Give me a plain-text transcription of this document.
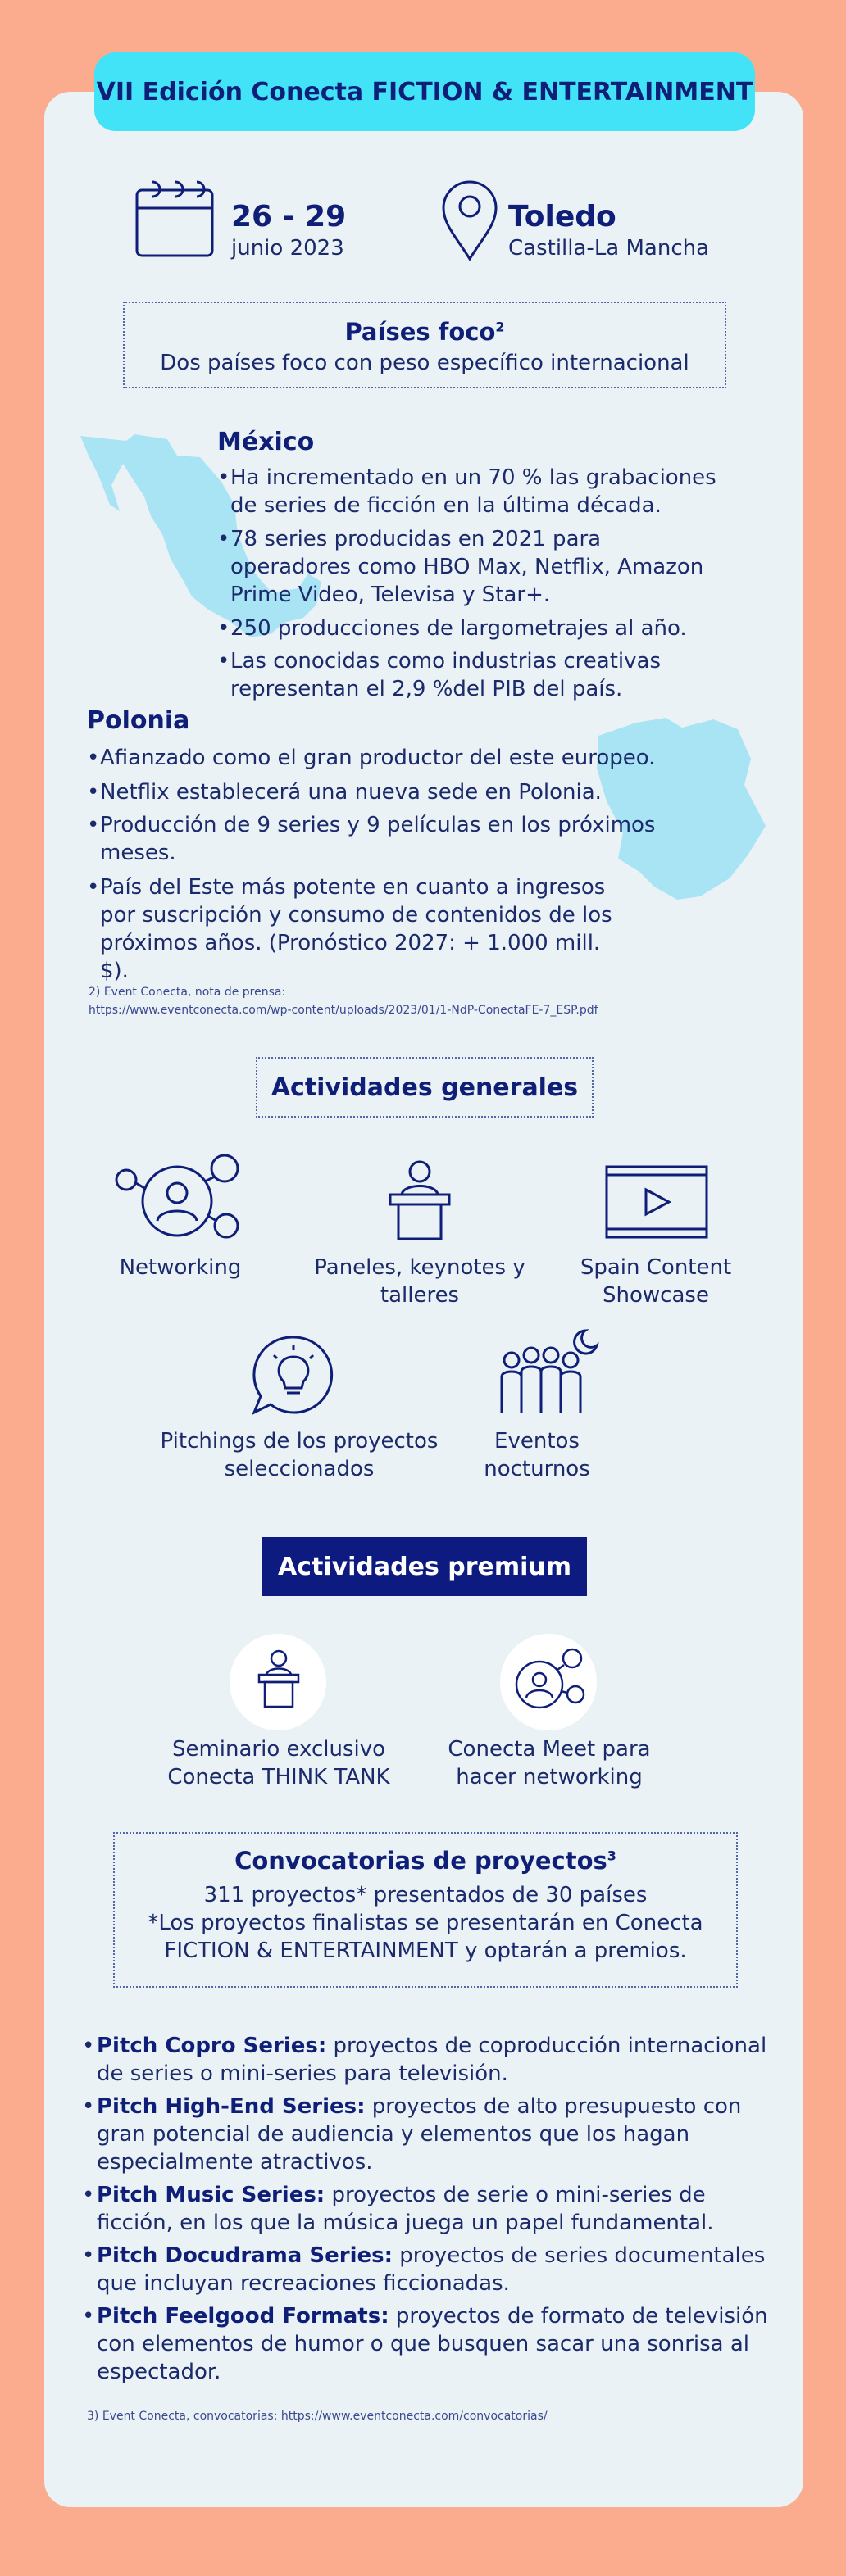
VII Edición Conecta FICTION & ENTERTAINMENT
26 - 29
junio 2023
Toledo
Castilla-La Mancha
Países foco$^2$
Dos países foco con peso específico internacional
México
• Ha incrementado en un 70 % las grabaciones de series de ficción en la última década.
• 78 series producidas en 2021 para operadores como HBO Max, Netflix, Amazon Prime Video, Televisa y Star+.
• 250 producciones de largometrajes al año.
• Las conocidas como industrias creativas representan el 2,9 %del PIB del país.
Polonia
• Afianzado como el gran productor del este europeo.
• Netflix establecerá una nueva sede en Polonia.
• Producción de 9 series y 9 películas en los próximos meses.
• País del Este más potente en cuanto a ingresos por suscripción y consumo de contenidos de los próximos años. (Pronóstico 2027: + 1.000 mill. $).
2) Event Conecta, nota de prensa:
https://www.eventconecta.com/wp-content/uploads/2023/01/1-NdP-ConectaFE-7_ESP.pdf
Actividades generales
Networking	Paneles, keynotes y talleres
Spain Content Showcase
Pitchings de los proyectos seleccionados
Eventos nocturnos
Actividades premium
Seminario exclusivo Conecta THINK TANK
Conecta Meet para hacer networking
Convocatorias de proyectos$^3$
311 proyectos* presentados de 30 países
*Los proyectos finalistas se presentarán en Conecta FICTION & ENTERTAINMENT y optarán a premios.
• Pitch Copro Series: proyectos de coproducción internacional de series o mini-series para televisión.
• Pitch High-End Series: proyectos de alto presupuesto con gran potencial de audiencia y elementos que los hagan especialmente atractivos.
• Pitch Music Series: proyectos de serie o mini-series de ficción, en los que la música juega un papel fundamental.
• Pitch Docudrama Series: proyectos de series documentales que incluyan recreaciones ficcionadas.
• Pitch Feelgood Formats: proyectos de formato de televisión con elementos de humor o que busquen sacar una sonrisa al espectador.
3) Event Conecta, convocatorias: https://www.eventconecta.com/convocatorias/
